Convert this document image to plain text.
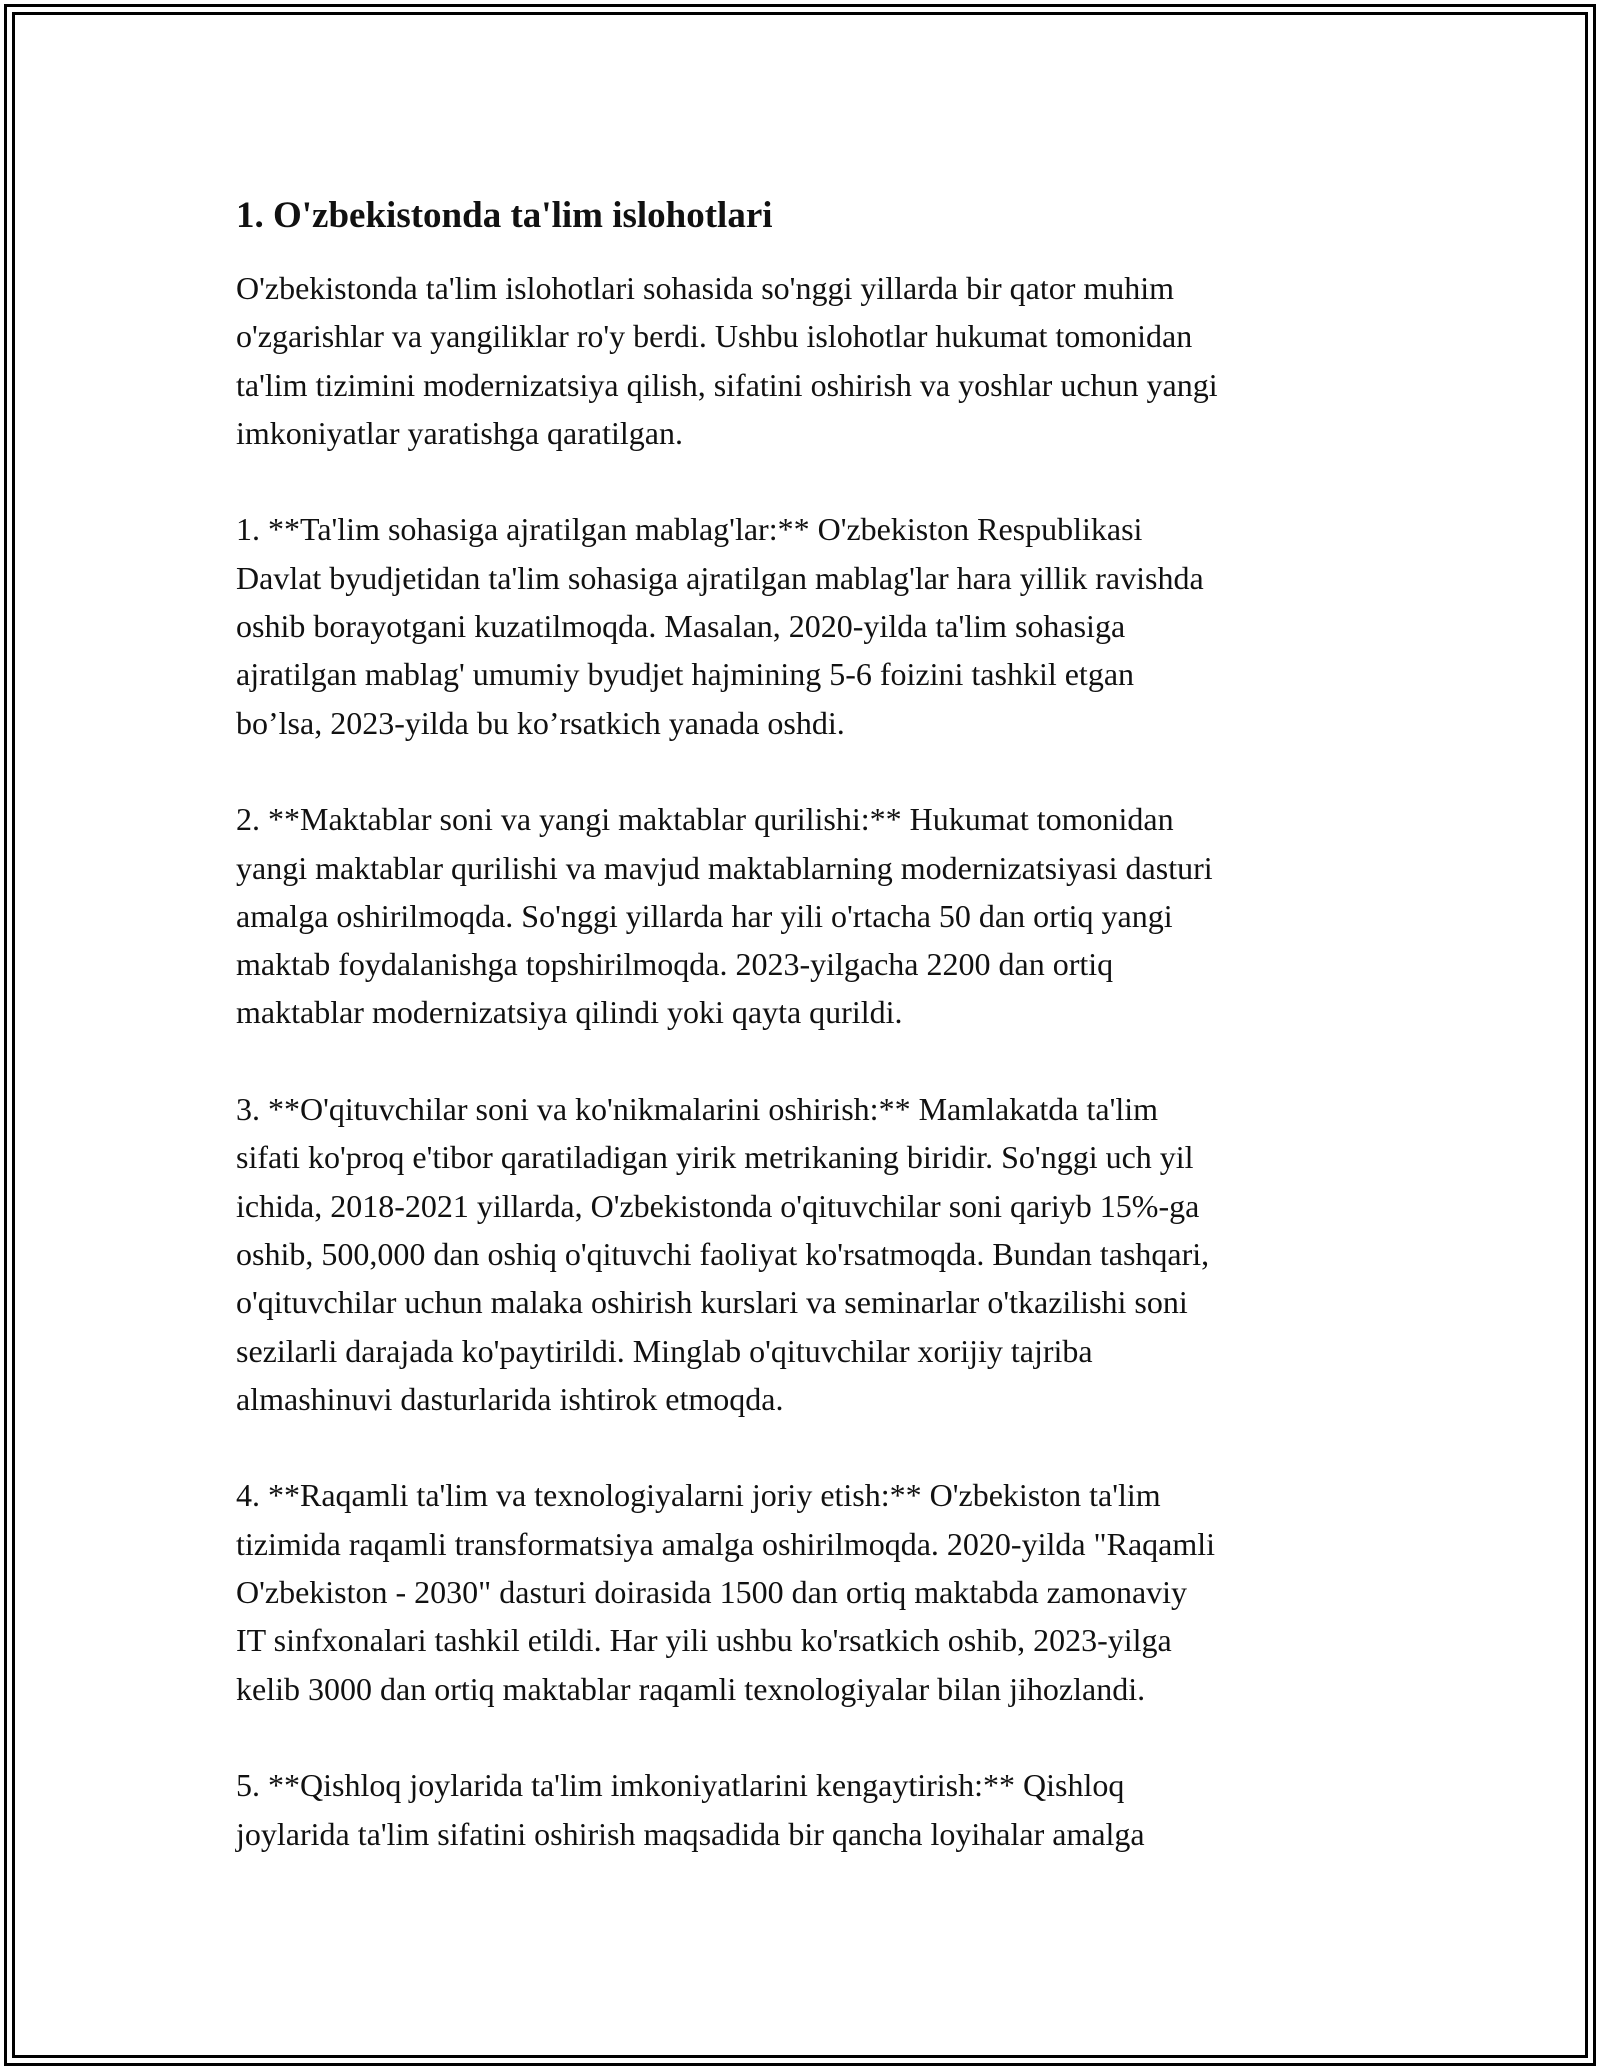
1. O'zbekistonda ta'lim islohotlari

O'zbekistonda ta'lim islohotlari sohasida so'nggi yillarda bir qator muhim
o'zgarishlar va yangiliklar ro'y berdi. Ushbu islohotlar hukumat tomonidan
ta'lim tizimini modernizatsiya qilish, sifatini oshirish va yoshlar uchun yangi
imkoniyatlar yaratishga qaratilgan.

1. **Ta'lim sohasiga ajratilgan mablag'lar:** O'zbekiston Respublikasi
Davlat byudjetidan ta'lim sohasiga ajratilgan mablag'lar hara yillik ravishda
oshib borayotgani kuzatilmoqda. Masalan, 2020-yilda ta'lim sohasiga
ajratilgan mablag' umumiy byudjet hajmining 5-6 foizini tashkil etgan
bo’lsa, 2023-yilda bu ko’rsatkich yanada oshdi.

2. **Maktablar soni va yangi maktablar qurilishi:** Hukumat tomonidan
yangi maktablar qurilishi va mavjud maktablarning modernizatsiyasi dasturi
amalga oshirilmoqda. So'nggi yillarda har yili o'rtacha 50 dan ortiq yangi
maktab foydalanishga topshirilmoqda. 2023-yilgacha 2200 dan ortiq
maktablar modernizatsiya qilindi yoki qayta qurildi.

3. **O'qituvchilar soni va ko'nikmalarini oshirish:** Mamlakatda ta'lim
sifati ko'proq e'tibor qaratiladigan yirik metrikaning biridir. So'nggi uch yil
ichida, 2018-2021 yillarda, O'zbekistonda o'qituvchilar soni qariyb 15%-ga
oshib, 500,000 dan oshiq o'qituvchi faoliyat ko'rsatmoqda. Bundan tashqari,
o'qituvchilar uchun malaka oshirish kurslari va seminarlar o'tkazilishi soni
sezilarli darajada ko'paytirildi. Minglab o'qituvchilar xorijiy tajriba
almashinuvi dasturlarida ishtirok etmoqda.

4. **Raqamli ta'lim va texnologiyalarni joriy etish:** O'zbekiston ta'lim
tizimida raqamli transformatsiya amalga oshirilmoqda. 2020-yilda "Raqamli
O'zbekiston - 2030" dasturi doirasida 1500 dan ortiq maktabda zamonaviy
IT sinfxonalari tashkil etildi. Har yili ushbu ko'rsatkich oshib, 2023-yilga
kelib 3000 dan ortiq maktablar raqamli texnologiyalar bilan jihozlandi.

5. **Qishloq joylarida ta'lim imkoniyatlarini kengaytirish:** Qishloq
joylarida ta'lim sifatini oshirish maqsadida bir qancha loyihalar amalga
